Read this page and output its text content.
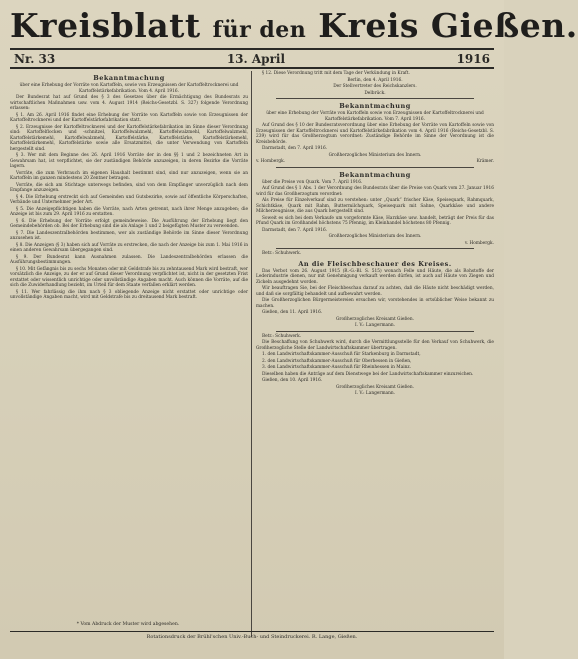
Kreisblatt für den Kreis Gießen.
Nr. 33	13. April	1916
Bekanntmachung

über eine Erhebung der Vorräte von Kartoffeln, sowie von Erzeugnissen der Kartoffeltrocknerei und Kartoffelstärkefabrikation. Vom 4. April 1916.

Der Bundesrat hat auf Grund des § 3 des Gesetzes über die Ermächtigung des Bundesrats zu wirtschaftlichen Maßnahmen usw. vom 4. August 1914 (Reichs-Gesetzbl. S. 327) folgende Verordnung erlassen:

§ 1. Am 26. April 1916 findet eine Erhebung der Vorräte von Kartoffeln sowie von Erzeugnissen der Kartoffeltrocknerei und der Kartoffelstärkefabrikation statt.

§ 2. Erzeugnisse der Kartoffeltrocknerei und der Kartoffelstärkefabrikation im Sinne dieser Verordnung sind: Kartoffelflocken und -schnitzel, Kartoffelwalzmehl, Kartoffelwalzmehl, Kartoffelwalzmehl, Kartoffelstärkemehl, Kartoffelwalzmehl, Kartoffelstärke, Kartoffelstärke, Kartoffelstärkemehl, Kartoffelstärkemehl, Kartoffelstärke sowie alle Ersatzmittel, die unter Verwendung von Kartoffeln hergestellt sind.

§ 3. Wer mit dem Beginne des 26. April 1916 Vorräte der in den §§ 1 und 2 bezeichneten Art in Gewahrsam hat, ist verpflichtet, sie der zuständigen Behörde anzuzeigen, in deren Bezirke die Vorräte lagern.

Vorräte, die zum Verbrauch im eigenen Haushalt bestimmt sind, sind nur anzuzeigen, wenn sie an Kartoffeln im ganzen mindestens 20 Zentner betragen.

Vorräte, die sich am Stichtage unterwegs befinden, sind von dem Empfänger unverzüglich nach dem Empfange anzuzeigen.

§ 4. Die Erhebung erstreckt sich auf Gemeinden und Gutsbezirke, sowie auf öffentliche Körperschaften, Verbände und Unternehmer jeder Art.

§ 5. Die Anzeigepflichtigen haben die Vorräte, nach Arten getrennt, nach ihrer Menge anzugeben; die Anzeige ist bis zum 29. April 1916 zu erstatten.

§ 6. Die Erhebung der Vorräte erfolgt gemeindeweise. Die Ausführung der Erhebung liegt den Gemeindebehörden ob. Bei der Erhebung sind die als Anlage 1 und 2 beigefügten Muster zu verwenden.

§ 7. Die Landeszentralbehörden bestimmen, wer als zuständige Behörde im Sinne dieser Verordnung anzusehen ist.

§ 8. Die Anzeigen (§ 3) haben sich auf Vorräte zu erstrecken, die nach der Anzeige bis zum 1. Mai 1916 in einen anderen Gewahrsam übergegangen sind.

§ 9. Der Bundesrat kann Ausnahmen zulassen. Die Landeszentralbehörden erlassen die Ausführungsbestimmungen.

§ 10. Mit Gefängnis bis zu sechs Monaten oder mit Geldstrafe bis zu zehntausend Mark wird bestraft, wer vorsätzlich die Anzeige, zu der er auf Grund dieser Verordnung verpflichtet ist, nicht in der gesetzten Frist erstattet oder wissentlich unrichtige oder unvollständige Angaben macht. Auch können die Vorräte, auf die sich die Zuwiderhandlung bezieht, im Urteil für dem Staate verfallen erklärt werden.

§ 11. Wer fahrlässig die ihm nach § 3 obliegende Anzeige nicht erstattet oder unrichtige oder unvollständige Angaben macht, wird mit Geldstrafe bis zu dreitausend Mark bestraft.

§ 12. Diese Verordnung tritt mit dem Tage der Verkündung in Kraft.

Berlin, den 4. April 1916.

Der Stellvertreter des Reichskanzlers.

Delbrück.

Bekanntmachung

über eine Erhebung der Vorräte von Kartoffeln sowie von Erzeugnissen der Kartoffeltrocknerei und Kartoffelstärkefabrikation. Vom 7. April 1916.

Auf Grund des § 10 der Bundesratsverordnung über eine Erhebung der Vorräte von Kartoffeln sowie von Erzeugnissen der Kartoffeltrocknerei und Kartoffelstärkefabrikation vom 4. April 1916 (Reichs-Gesetzbl. S. 239) wird für das Großherzogtum verordnet: Zuständige Behörde im Sinne der Verordnung ist die Kreisbehörde.

Darmstadt, den 7. April 1916.

Großherzogliches Ministerium des Innern.

v. Hombergk.	Krämer.

Bekanntmachung

über die Preise von Quark. Vom 7. April 1916.

Auf Grund des § 1 Abs. 1 der Verordnung des Bundesrats über die Preise von Quark vom 27. Januar 1916 wird für das Großherzogtum verordnet:

Als Preise für Einzelverkauf sind zu verstehen: unter „Quark“ frischer Käse, Speisequark, Rahmquark, Schichtkäse, Quark mit Rahm, Buttermilchquark, Speisequark mit Sahne, Quarkkäse und andere Milcherzeugnisse, die aus Quark hergestellt sind.

Soweit es sich bei dem Verkaufe um vorgeformte Käse, Harzkäse usw. handelt, beträgt der Preis für das Pfund Quark im Großhandel höchstens 75 Pfennig, im Kleinhandel höchstens 80 Pfennig.

Darmstadt, den 7. April 1916.

Großherzogliches Ministerium des Innern.

v. Hombergk.

Betr.: Schuhwerk.

An die Fleischbeschauer des Kreises.

Das Verbot vom 26. August 1915 (R.-G.-Bl. S. 515) wonach Felle und Häute, die als Rohstoffe der Lederindustrie dienen, nur mit Genehmigung verkauft werden dürfen, ist auch auf Häute von Ziegen und Zickeln ausgedehnt worden.

Wir beauftragen Sie, bei der Fleischbeschau darauf zu achten, daß die Häute nicht beschädigt werden, und daß sie sorgfältig behandelt und aufbewahrt werden.

Die Großherzoglichen Bürgermeistereien ersuchen wir, vorstehendes in ortsüblicher Weise bekannt zu machen.

Gießen, den 11. April 1916.

Großherzogliches Kreisamt Gießen.

I. V.: Langermann.

Betr.: Schuhwerk.

Die Beschaffung von Schuhwerk wird, durch die Vermittlungsstelle für den Verkauf von Schuhwerk, die Großherzogliche Stelle der Landwirtschaftskammer übertragen.

1. den Landwirtschaftskammer-Ausschuß für Starkenburg in Darmstadt,

2. den Landwirtschaftskammer-Ausschuß für Oberhessen in Gießen,

3. den Landwirtschaftskammer-Ausschuß für Rheinhessen in Mainz.

Dieselben haben die Anträge auf dem Dienstwege bei der Landwirtschaftskammer einzureichen.

Gießen, den 10. April 1916.

Großherzogliches Kreisamt Gießen.

I. V.: Langermann.

* Vom Abdruck der Muster wird abgesehen.
Rotationsdruck der Brühl'schen Univ.-Buch- und Steindruckerei. R. Lange, Gießen.
